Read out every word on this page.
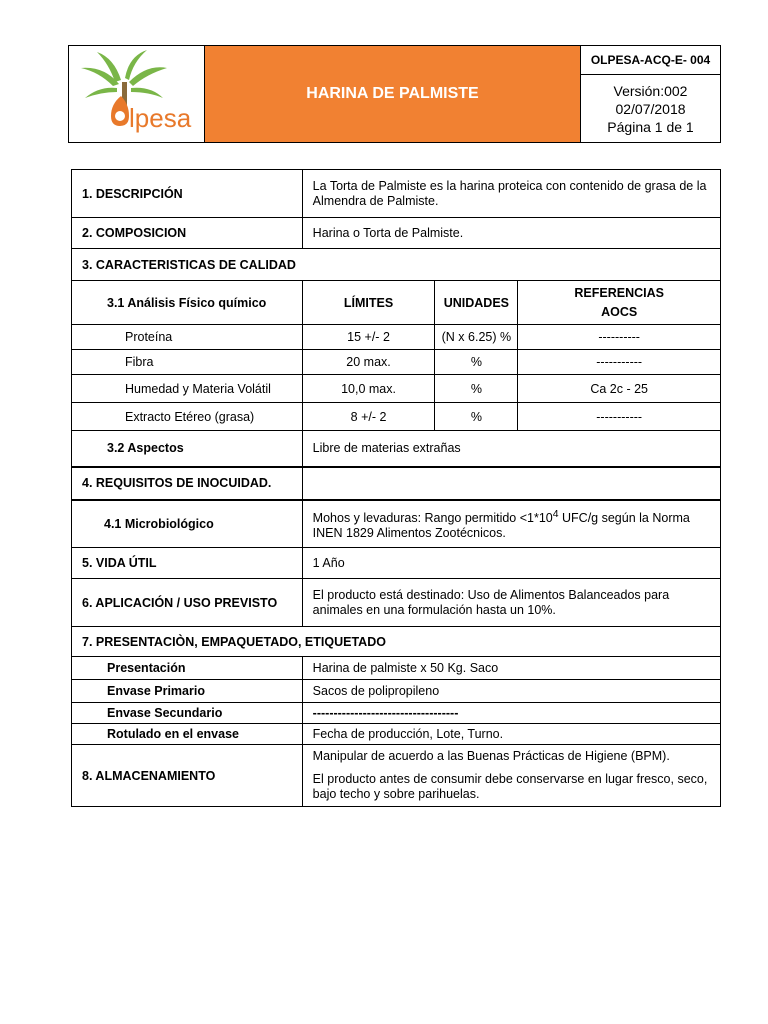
lpesa
	HARINA DE PALMISTE	OLPESA-ACQ-E- 004

Versión:002
02/07/2018
Página 1 de 1
1. DESCRIPCIÓN	La Torta de Palmiste es la harina proteica con contenido de grasa de la Almendra de Palmiste.		
2. COMPOSICION	Harina o Torta de Palmiste.		
3. CARACTERISTICAS DE CALIDAD			
3.1 Análisis Físico químico	LÍMITES	UNIDADES	REFERENCIAS
AOCS

Proteína	15 +/- 2	(N x 6.25) %	----------
Fibra	20 max.	%	-----------
Humedad y Materia Volátil	10,0 max.	%	Ca 2c - 25
Extracto Etéreo (grasa)	8 +/- 2	%	-----------
3.2 Aspectos	Libre de materias extrañas		
4. REQUISITOS DE INOCUIDAD.			
4.1 Microbiológico	Mohos y levaduras: Rango permitido $<1*10^4$ UFC/g según la Norma INEN 1829 Alimentos Zootécnicos.		
5. VIDA ÚTIL	1 Año		
6. APLICACIÓN / USO PREVISTO	El producto está destinado: Uso de Alimentos Balanceados para animales en una formulación hasta un 10%.		
7. PRESENTACIÒN, EMPAQUETADO, ETIQUETADO			
Presentación	Harina de palmiste x 50 Kg. Saco		
Envase Primario	Sacos de polipropileno		
Envase Secundario	-----------------------------------		
Rotulado en el envase	Fecha de producción, Lote, Turno.		
8. ALMACENAMIENTO	Manipular de acuerdo a las Buenas Prácticas de Higiene (BPM).
El producto antes de consumir debe conservarse en lugar fresco, seco, bajo techo y sobre parihuelas.		
